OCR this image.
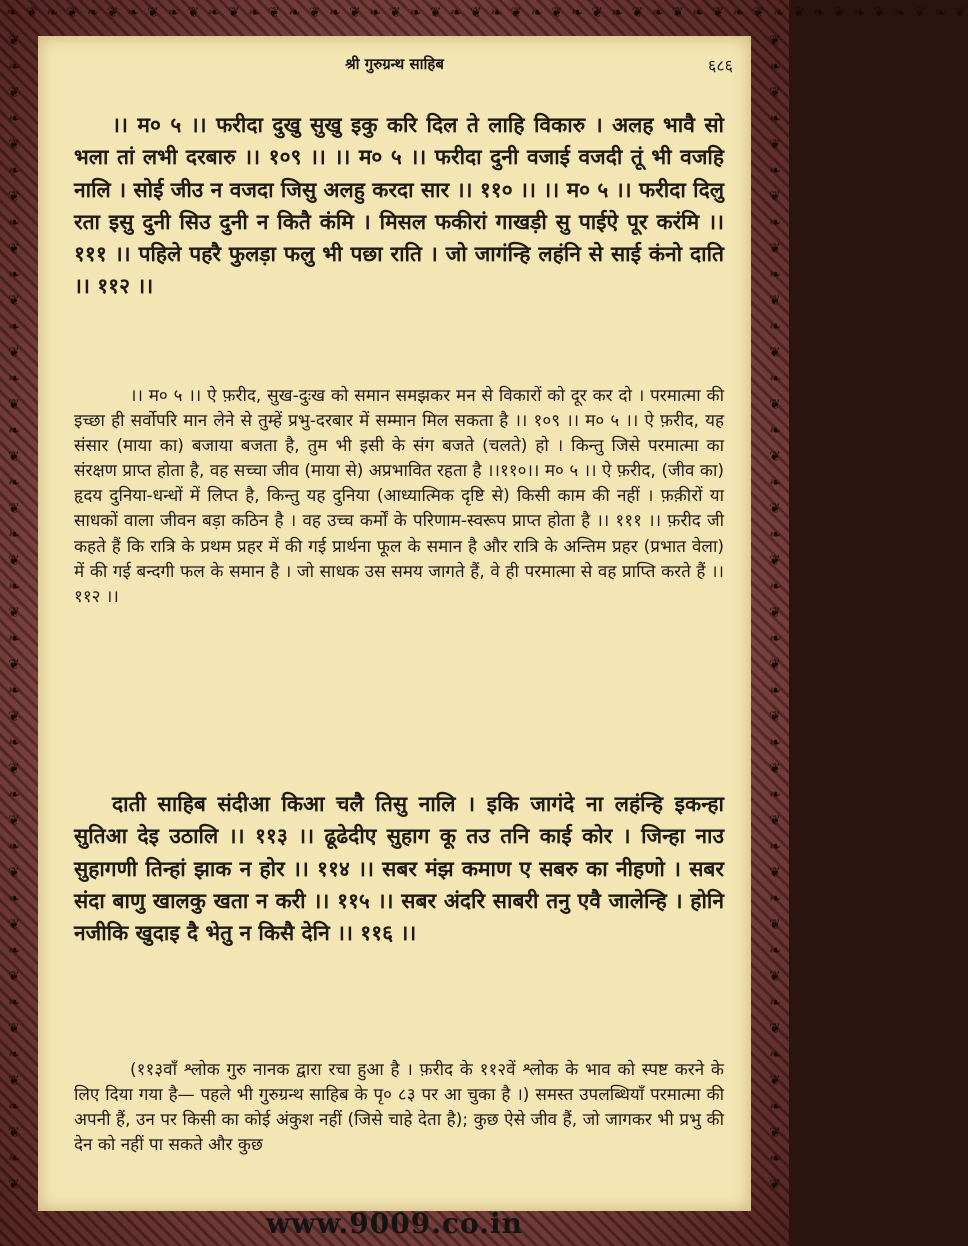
❧ ❦ ❧ ❦ ❧ ❦ ❧ ❦ ❧ ❦ ❧ ❦ ❧ ❦ ❧ ❦ ❧ ❦ ❧ ❦ ❧ ❦ ❧ ❦ ❧ ❦ ❧ ❦ ❧ ❦ ❧ ❦ ❧ ❦ ❧ ❦ ❧ ❦ ❧ ❦ ❧ ❦ ❧ ❦ ❧ ❦ ❧ ❦
❦
❧
❦
❧
❦
❧
❦
❧
❦
❧
❦
❧
❦
❧
❦
❧
❦
❧
❦
❧
❦
❧
❦
❧
❦
❧
❦
❧
❦
❧
❦
❧
❦
❧
❦
❧
❦
❧
❦
❧
❦
❧
❦
❧
❦
❦
❧
❦
❧
❦
❧
❦
❧
❦
❧
❦
❧
❦
❧
❦
❧
❦
❧
❦
❧
❦
❧
❦
❧
❦
❧
❦
❧
❦
❧
❦
❧
❦
❧
❦
❧
❦
❧
❦
❧
❦
❧
❦
❧
❦
श्री गुरुग्रन्थ साहिब	६८६

।। म० ५ ।। फरीदा दुखु सुखु इकु करि दिल ते लाहि विकारु । अलह भावै सो भला तां लभी दरबारु ।। १०९ ।। ।। म० ५ ।। फरीदा दुनी वजाई वजदी तूं भी वजहि नालि । सोई जीउ न वजदा जिसु अलहु करदा सार ।। ११० ।। ।। म० ५ ।। फरीदा दिलु रता इसु दुनी सिउ दुनी न कितै कंमि । मिसल फकीरां गाखड़ी सु पाईऐ पूर करंमि ।। १११ ।। पहिले पहरै फुलड़ा फलु भी पछा राति । जो जागंन्हि लहंनि से साई कंनो दाति ।। ११२ ।।

।। म० ५ ।। ऐ फ़रीद, सुख-दुःख को समान समझकर मन से विकारों को दूर कर दो । परमात्मा की इच्छा ही सर्वोपरि मान लेने से तुम्हें प्रभु-दरबार में सम्मान मिल सकता है ।। १०९ ।। म० ५ ।। ऐ फ़रीद, यह संसार (माया का) बजाया बजता है, तुम भी इसी के संग बजते (चलते) हो । किन्तु जिसे परमात्मा का संरक्षण प्राप्त होता है, वह सच्चा जीव (माया से) अप्रभावित रहता है ।।११०।। म० ५ ।। ऐ फ़रीद, (जीव का) हृदय दुनिया-धन्धों में लिप्त है, किन्तु यह दुनिया (आध्यात्मिक दृष्टि से) किसी काम की नहीं । फ़क़ीरों या साधकों वाला जीवन बड़ा कठिन है । वह उच्च कर्मों के परिणाम-स्वरूप प्राप्त होता है ।। १११ ।। फ़रीद जी कहते हैं कि रात्रि के प्रथम प्रहर में की गई प्रार्थना फूल के समान है और रात्रि के अन्तिम प्रहर (प्रभात वेला) में की गई बन्दगी फल के समान है । जो साधक उस समय जागते हैं, वे ही परमात्मा से वह प्राप्ति करते हैं ।। ११२ ।।

दाती साहिब संदीआ किआ चलै तिसु नालि । इकि जागंदे ना लहंन्हि इकन्हा सुतिआ देइ उठालि ।। ११३ ।। ढूढेदीए सुहाग कू तउ तनि काई कोर । जिन्हा नाउ सुहागणी तिन्हां झाक न होर ।। ११४ ।। सबर मंझ कमाण ए सबरु का नीहणो । सबर संदा बाणु खालकु खता न करी ।। ११५ ।। सबर अंदरि साबरी तनु एवै जालेन्हि । होनि नजीकि खुदाइ दै भेतु न किसै देनि ।। ११६ ।।

(११३वाँ श्लोक गुरु नानक द्वारा रचा हुआ है । फ़रीद के ११२वें श्लोक के भाव को स्पष्ट करने के लिए दिया गया है— पहले भी गुरुग्रन्थ साहिब के पृ० ८३ पर आ चुका है ।) समस्त उपलब्धियाँ परमात्मा की अपनी हैं, उन पर किसी का कोई अंकुश नहीं (जिसे चाहे देता है); कुछ ऐसे जीव हैं, जो जागकर भी प्रभु की देन को नहीं पा सकते और कुछ

www.9009.co.in
